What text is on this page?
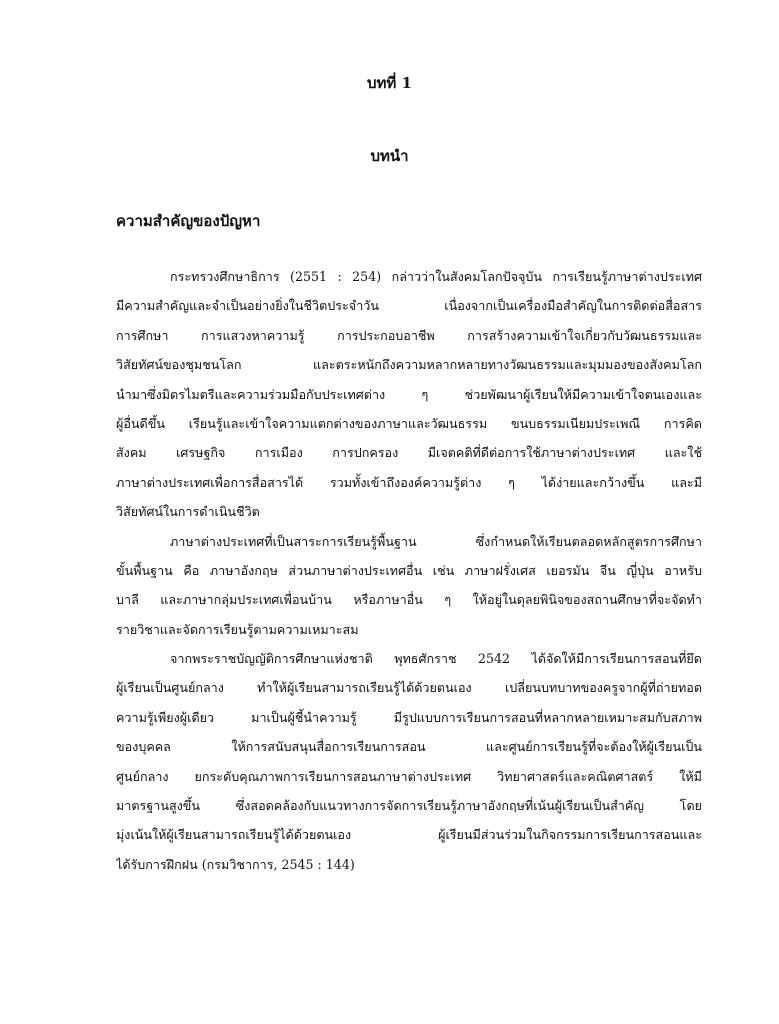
บทที่ 1
บทนำ
ความสำคัญของปัญหา
กระทรวงศึกษาธิการ (2551 : 254) กล่าวว่าในสังคมโลกปัจจุบัน การเรียนรู้ภาษาต่างประเทศ
มีความสำคัญและจำเป็นอย่างยิ่งในชีวิตประจำวัน เนื่องจากเป็นเครื่องมือสำคัญในการติดต่อสื่อสาร
การศึกษา การแสวงหาความรู้ การประกอบอาชีพ การสร้างความเข้าใจเกี่ยวกับวัฒนธรรมและ
วิสัยทัศน์ของชุมชนโลก และตระหนักถึงความหลากหลายทางวัฒนธรรมและมุมมองของสังคมโลก
นำมาซึ่งมิตรไมตรีและความร่วมมือกับประเทศต่าง ๆ ช่วยพัฒนาผู้เรียนให้มีความเข้าใจตนเองและ
ผู้อื่นดีขึ้น เรียนรู้และเข้าใจความแตกต่างของภาษาและวัฒนธรรม ขนบธรรมเนียมประเพณี การคิด
สังคม เศรษฐกิจ การเมือง การปกครอง มีเจตคติที่ดีต่อการใช้ภาษาต่างประเทศ และใช้
ภาษาต่างประเทศเพื่อการสื่อสารได้ รวมทั้งเข้าถึงองค์ความรู้ต่าง ๆ ได้ง่ายและกว้างขึ้น และมี
วิสัยทัศน์ในการดำเนินชีวิต
ภาษาต่างประเทศที่เป็นสาระการเรียนรู้พื้นฐาน ซึ่งกำหนดให้เรียนตลอดหลักสูตรการศึกษา
ขั้นพื้นฐาน คือ ภาษาอังกฤษ ส่วนภาษาต่างประเทศอื่น เช่น ภาษาฝรั่งเศส เยอรมัน จีน ญี่ปุ่น อาหรับ
บาลี และภาษากลุ่มประเทศเพื่อนบ้าน หรือภาษาอื่น ๆ ให้อยู่ในดุลยพินิจของสถานศึกษาที่จะจัดทำ
รายวิชาและจัดการเรียนรู้ตามความเหมาะสม
จากพระราชบัญญัติการศึกษาแห่งชาติ พุทธศักราช 2542 ได้จัดให้มีการเรียนการสอนที่ยึด
ผู้เรียนเป็นศูนย์กลาง ทำให้ผู้เรียนสามารถเรียนรู้ได้ด้วยตนเอง เปลี่ยนบทบาทของครูจากผู้ที่ถ่ายทอด
ความรู้เพียงผู้เดียว มาเป็นผู้ชี้นำความรู้ มีรูปแบบการเรียนการสอนที่หลากหลายเหมาะสมกับสภาพ
ของบุคคล ให้การสนับสนุนสื่อการเรียนการสอน และศูนย์การเรียนรู้ที่จะต้องให้ผู้เรียนเป็น
ศูนย์กลาง ยกระดับคุณภาพการเรียนการสอนภาษาต่างประเทศ วิทยาศาสตร์และคณิตศาสตร์ ให้มี
มาตรฐานสูงขึ้น ซึ่งสอดคล้องกับแนวทางการจัดการเรียนรู้ภาษาอังกฤษที่เน้นผู้เรียนเป็นสำคัญ โดย
มุ่งเน้นให้ผู้เรียนสามารถเรียนรู้ได้ด้วยตนเอง ผู้เรียนมีส่วนร่วมในกิจกรรมการเรียนการสอนและ
ได้รับการฝึกฝน (กรมวิชาการ, 2545 : 144)
